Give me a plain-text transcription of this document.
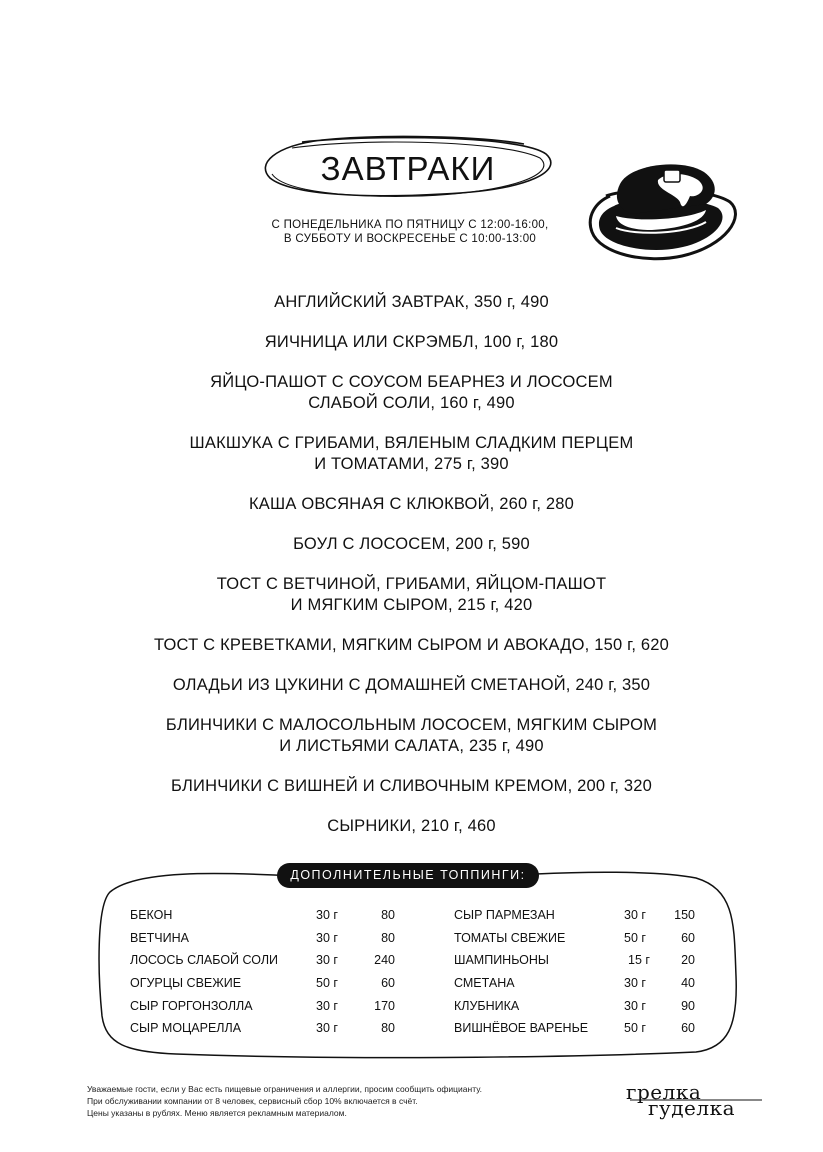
ЗАВТРАКИ
С ПОНЕДЕЛЬНИКА ПО ПЯТНИЦУ С 12:00-16:00,
В СУББОТУ И ВОСКРЕСЕНЬЕ С 10:00-13:00
АНГЛИЙСКИЙ ЗАВТРАК, 350 г, 490
ЯИЧНИЦА ИЛИ СКРЭМБЛ, 100 г, 180
ЯЙЦО-ПАШОТ С СОУСОМ БЕАРНЕЗ И ЛОСОСЕМ
СЛАБОЙ СОЛИ, 160 г, 490
ШАКШУКА С ГРИБАМИ, ВЯЛЕНЫМ СЛАДКИМ ПЕРЦЕМ
И ТОМАТАМИ, 275 г, 390
КАША ОВСЯНАЯ С КЛЮКВОЙ, 260 г, 280
БОУЛ С ЛОСОСЕМ, 200 г, 590
ТОСТ С ВЕТЧИНОЙ, ГРИБАМИ, ЯЙЦОМ-ПАШОТ
И МЯГКИМ СЫРОМ, 215 г, 420
ТОСТ С КРЕВЕТКАМИ, МЯГКИМ СЫРОМ И АВОКАДО, 150 г, 620
ОЛАДЬИ ИЗ ЦУКИНИ С ДОМАШНЕЙ СМЕТАНОЙ, 240 г, 350
БЛИНЧИКИ С МАЛОСОЛЬНЫМ ЛОСОСЕМ, МЯГКИМ СЫРОМ
И ЛИСТЬЯМИ САЛАТА, 235 г, 490
БЛИНЧИКИ С ВИШНЕЙ И СЛИВОЧНЫМ КРЕМОМ, 200 г, 320
СЫРНИКИ, 210 г, 460
ДОПОЛНИТЕЛЬНЫЕ ТОППИНГИ:
БЕКОН	30 г	80
ВЕТЧИНА	30 г	80
ЛОСОСЬ СЛАБОЙ СОЛИ	30 г	240
ОГУРЦЫ СВЕЖИЕ	50 г	60
СЫР ГОРГОНЗОЛЛА	30 г	170
СЫР МОЦАРЕЛЛА	30 г	80
СЫР ПАРМЕЗАН	30 г 150
ТОМАТЫ СВЕЖИЕ	50 г	60
ШАМПИНЬОНЫ	15 г 20
СМЕТАНА	30 г	40
КЛУБНИКА	30 г	90
ВИШНЁВОЕ ВАРЕНЬЕ	50 г	60
Уважаемые гости, если у Вас есть пищевые ограничения и аллергии, просим сообщить официанту.
При обслуживании компании от 8 человек, сервисный сбор 10% включается в счёт.
Цены указаны в рублях. Меню является рекламным материалом.
грелка
гуделка
